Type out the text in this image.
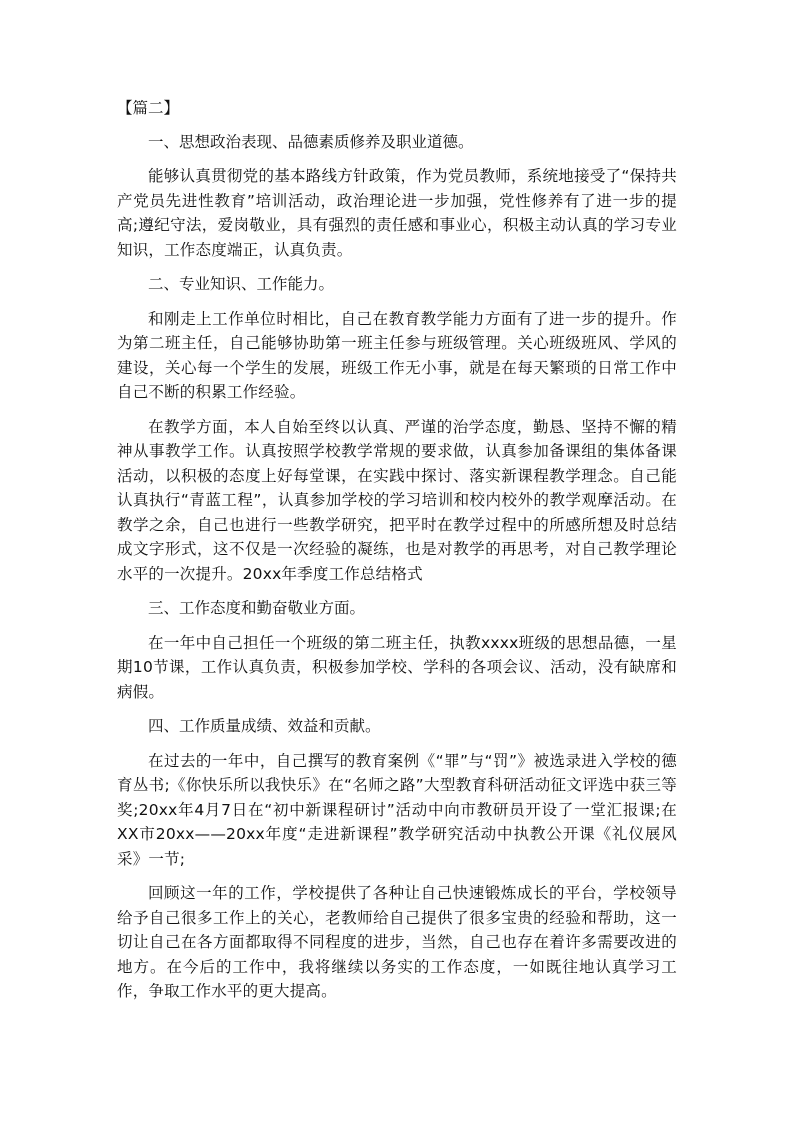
【篇二】
一、思想政治表现、品德素质修养及职业道德。

能够认真贯彻党的基本路线方针政策，作为党员教师，系统地接受了“保持共产党员先进性教育”培训活动，政治理论进一步加强，党性修养有了进一步的提高;遵纪守法，爱岗敬业，具有强烈的责任感和事业心，积极主动认真的学习专业知识，工作态度端正，认真负责。

二、专业知识、工作能力。

和刚走上工作单位时相比，自己在教育教学能力方面有了进一步的提升。作为第二班主任，自己能够协助第一班主任参与班级管理。关心班级班风、学风的建设，关心每一个学生的发展，班级工作无小事，就是在每天繁琐的日常工作中自己不断的积累工作经验。

在教学方面，本人自始至终以认真、严谨的治学态度，勤恳、坚持不懈的精神从事教学工作。认真按照学校教学常规的要求做，认真参加备课组的集体备课活动，以积极的态度上好每堂课，在实践中探讨、落实新课程教学理念。自己能认真执行“青蓝工程”，认真参加学校的学习培训和校内校外的教学观摩活动。在教学之余，自己也进行一些教学研究，把平时在教学过程中的所感所想及时总结成文字形式，这不仅是一次经验的凝练，也是对教学的再思考，对自己教学理论水平的一次提升。20xx年季度工作总结格式

三、工作态度和勤奋敬业方面。

在一年中自己担任一个班级的第二班主任，执教xxxx班级的思想品德，一星期10节课，工作认真负责，积极参加学校、学科的各项会议、活动，没有缺席和病假。

四、工作质量成绩、效益和贡献。

在过去的一年中，自己撰写的教育案例《“罪”与“罚”》被选录进入学校的德育丛书;《你快乐所以我快乐》在“名师之路”大型教育科研活动征文评选中获三等奖;20xx年4月7日在“初中新课程研讨”活动中向市教研员开设了一堂汇报课;在XX市20xx——20xx年度“走进新课程”教学研究活动中执教公开课《礼仪展风采》一节;

回顾这一年的工作，学校提供了各种让自己快速锻炼成长的平台，学校领导给予自己很多工作上的关心，老教师给自己提供了很多宝贵的经验和帮助，这一切让自己在各方面都取得不同程度的进步，当然，自己也存在着许多需要改进的地方。在今后的工作中，我将继续以务实的工作态度，一如既往地认真学习工作，争取工作水平的更大提高。
